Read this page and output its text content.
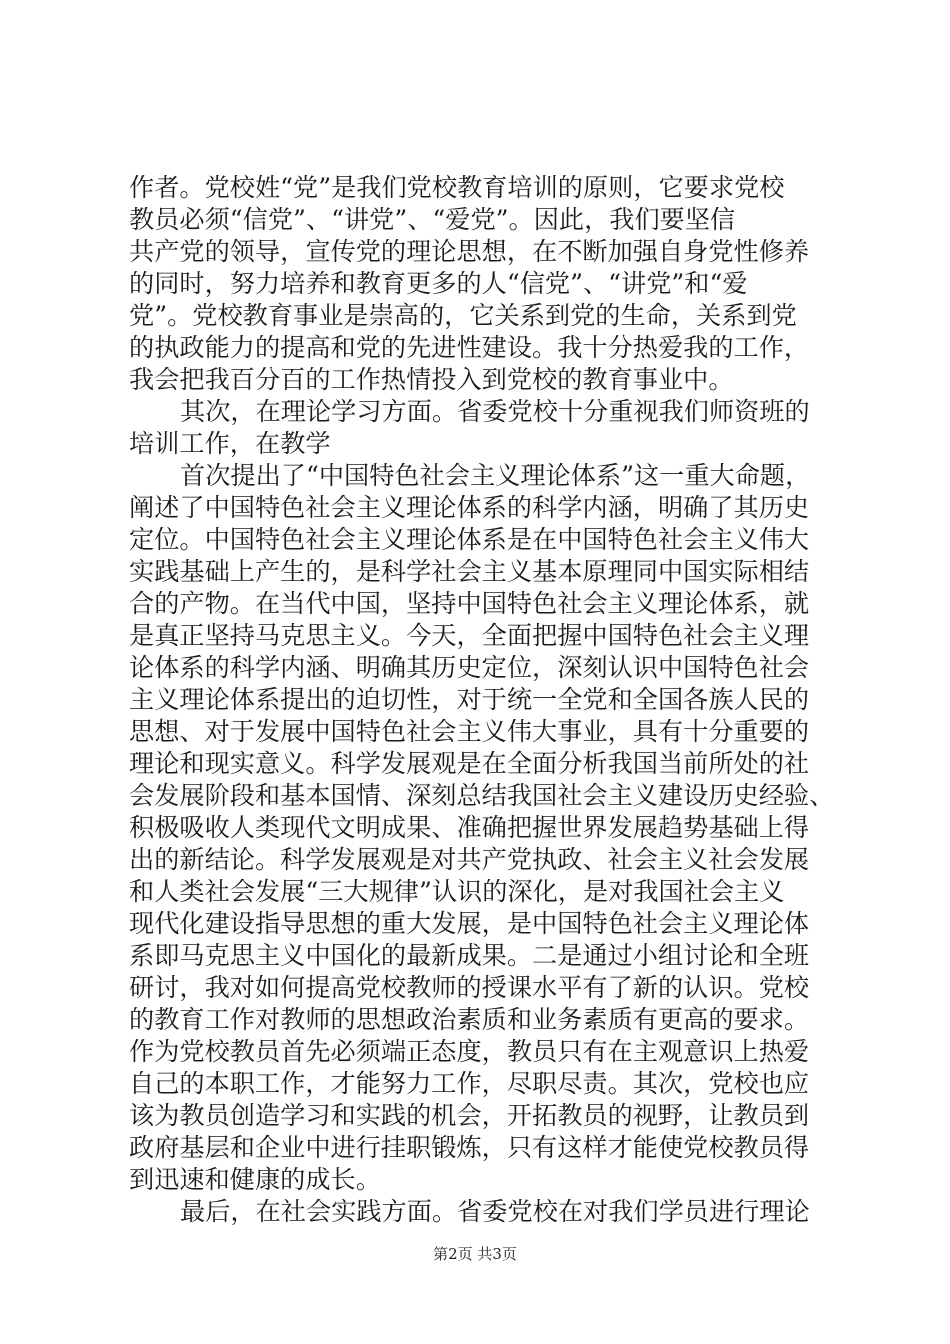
作者。党校姓“党”是我们党校教育培训的原则，它要求党校
教员必须“信党”、“讲党”、“爱党”。因此，我们要坚信
共产党的领导，宣传党的理论思想，在不断加强自身党性修养
的同时，努力培养和教育更多的人“信党”、“讲党”和“爱
党”。党校教育事业是崇高的，它关系到党的生命，关系到党
的执政能力的提高和党的先进性建设。我十分热爱我的工作，
我会把我百分百的工作热情投入到党校的教育事业中。
其次，在理论学习方面。省委党校十分重视我们师资班的
培训工作，在教学
首次提出了“中国特色社会主义理论体系”这一重大命题，
阐述了中国特色社会主义理论体系的科学内涵，明确了其历史
定位。中国特色社会主义理论体系是在中国特色社会主义伟大
实践基础上产生的，是科学社会主义基本原理同中国实际相结
合的产物。在当代中国，坚持中国特色社会主义理论体系，就
是真正坚持马克思主义。今天，全面把握中国特色社会主义理
论体系的科学内涵、明确其历史定位，深刻认识中国特色社会
主义理论体系提出的迫切性，对于统一全党和全国各族人民的
思想、对于发展中国特色社会主义伟大事业，具有十分重要的
理论和现实意义。科学发展观是在全面分析我国当前所处的社
会发展阶段和基本国情、深刻总结我国社会主义建设历史经验、
积极吸收人类现代文明成果、准确把握世界发展趋势基础上得
出的新结论。科学发展观是对共产党执政、社会主义社会发展
和人类社会发展“三大规律”认识的深化，是对我国社会主义
现代化建设指导思想的重大发展，是中国特色社会主义理论体
系即马克思主义中国化的最新成果。二是通过小组讨论和全班
研讨，我对如何提高党校教师的授课水平有了新的认识。党校
的教育工作对教师的思想政治素质和业务素质有更高的要求。
作为党校教员首先必须端正态度，教员只有在主观意识上热爱
自己的本职工作，才能努力工作，尽职尽责。其次，党校也应
该为教员创造学习和实践的机会，开拓教员的视野，让教员到
政府基层和企业中进行挂职锻炼，只有这样才能使党校教员得
到迅速和健康的成长。
最后，在社会实践方面。省委党校在对我们学员进行理论
第2页 共3页
